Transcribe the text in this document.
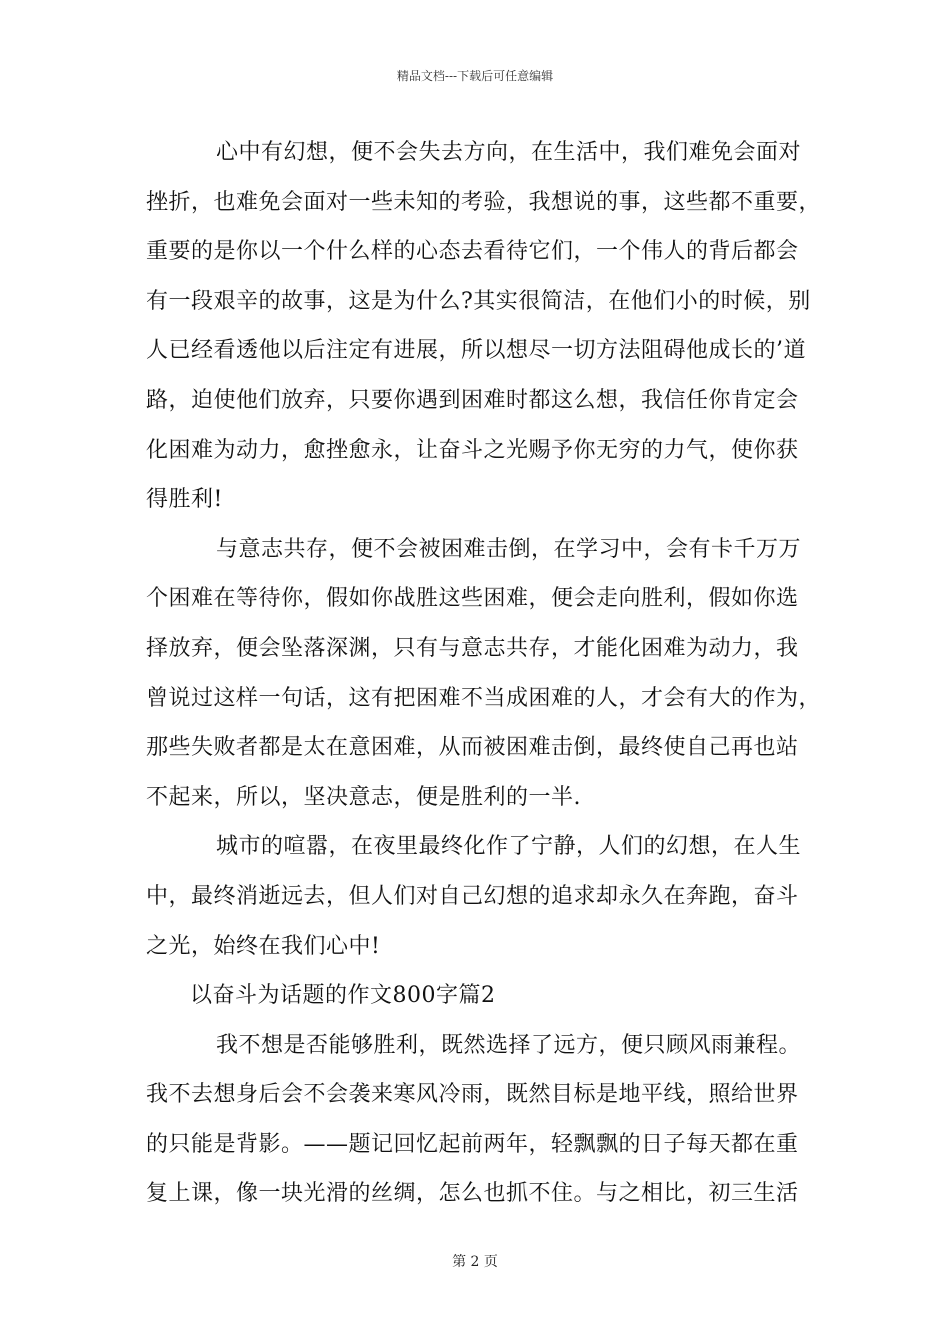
精品文档---下载后可任意编辑
心中有幻想，便不会失去方向，在生活中，我们难免会面对
挫折，也难免会面对一些未知的考验，我想说的事，这些都不重要，
重要的是你以一个什么样的心态去看待它们，一个伟人的背后都会
有一段艰辛的故事，这是为什么?其实很简洁，在他们小的时候，别
人已经看透他以后注定有进展，所以想尽一切方法阻碍他成长的’道
路，迫使他们放弃，只要你遇到困难时都这么想，我信任你肯定会
化困难为动力，愈挫愈永，让奋斗之光赐予你无穷的力气，使你获
得胜利!
与意志共存，便不会被困难击倒，在学习中，会有卡千万万
个困难在等待你，假如你战胜这些困难，便会走向胜利，假如你选
择放弃，便会坠落深渊，只有与意志共存，才能化困难为动力，我
曾说过这样一句话，这有把困难不当成困难的人，才会有大的作为，
那些失败者都是太在意困难，从而被困难击倒，最终使自己再也站
不起来，所以，坚决意志，便是胜利的一半.
城市的喧嚣，在夜里最终化作了宁静，人们的幻想，在人生
中，最终消逝远去，但人们对自己幻想的追求却永久在奔跑，奋斗
之光，始终在我们心中!
以奋斗为话题的作文800字篇2
我不想是否能够胜利，既然选择了远方，便只顾风雨兼程。
我不去想身后会不会袭来寒风冷雨，既然目标是地平线，照给世界
的只能是背影。——题记回忆起前两年，轻飘飘的日子每天都在重
复上课，像一块光滑的丝绸，怎么也抓不住。与之相比，初三生活
第 2 页
